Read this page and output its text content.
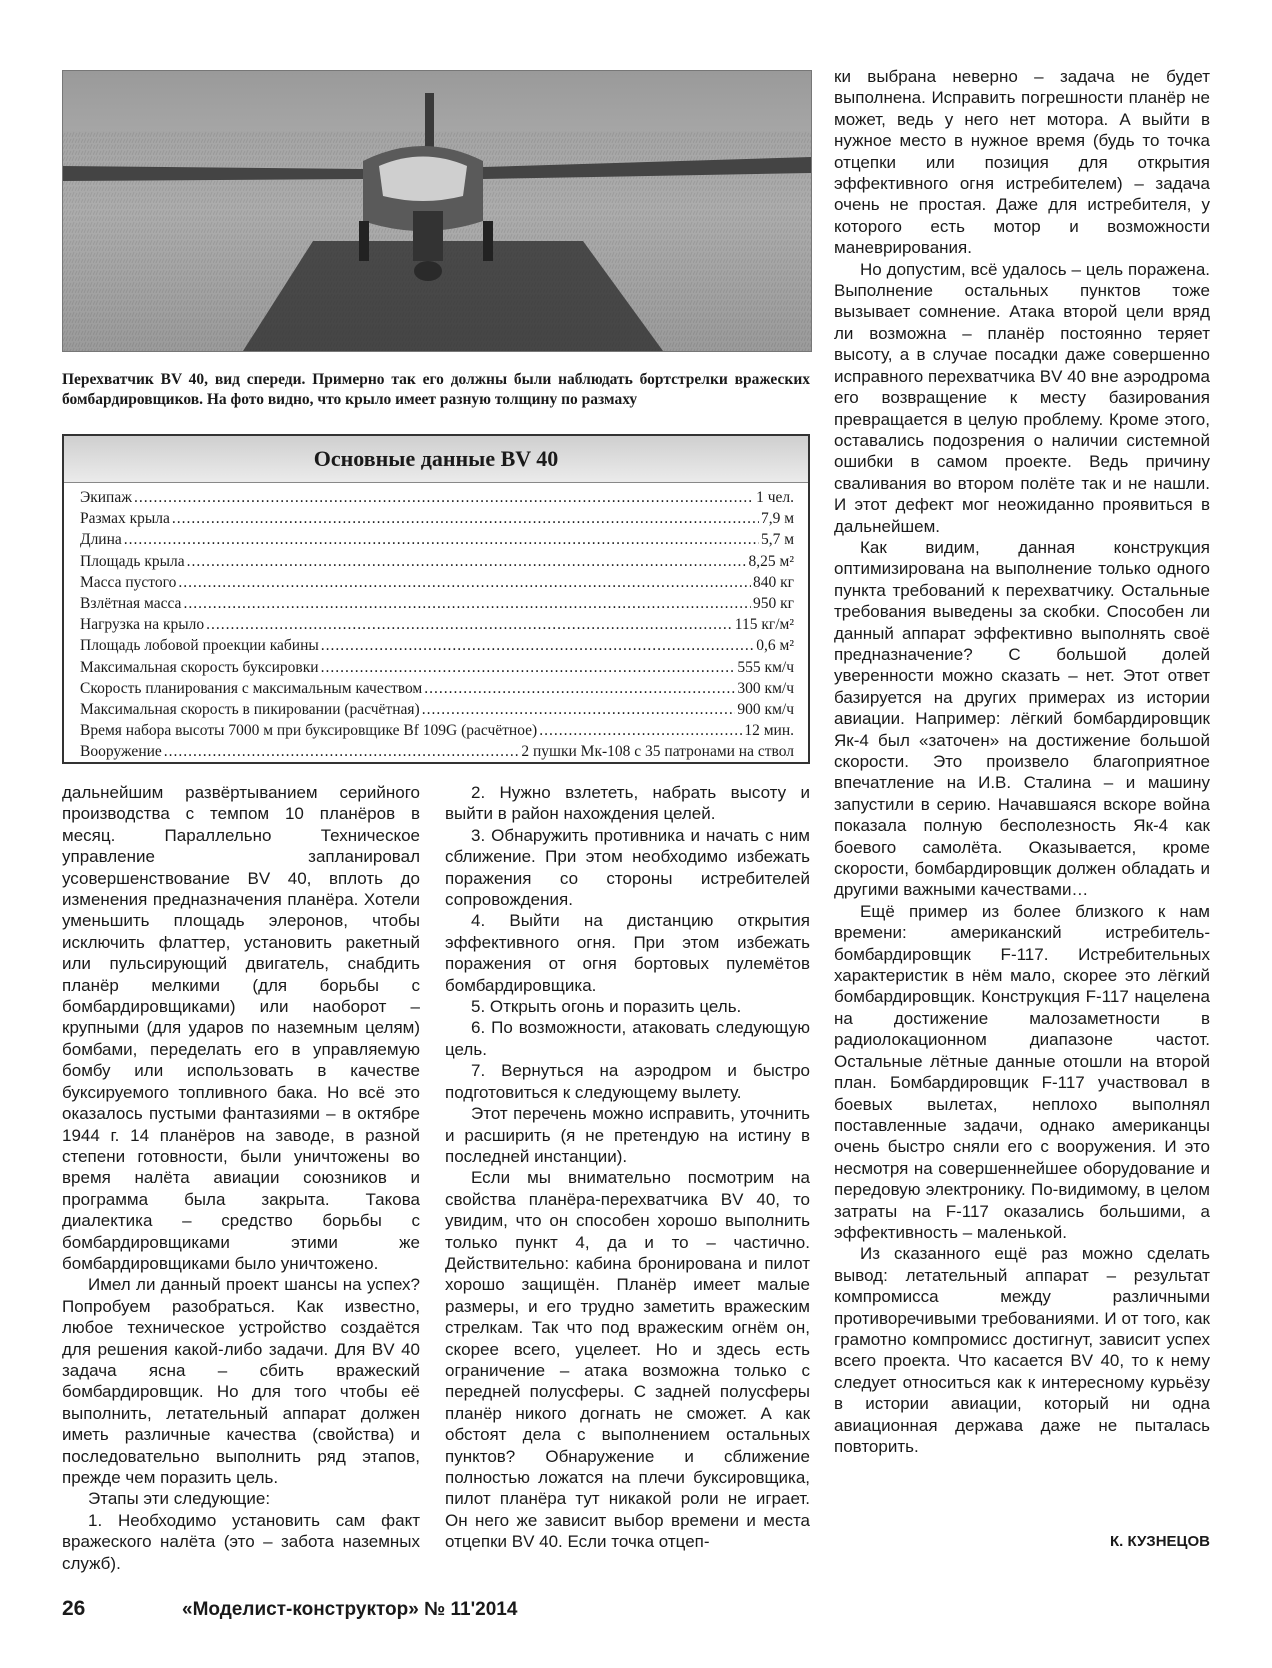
Перехватчик BV 40, вид спереди. Примерно так его должны были наблюдать бортстрелки вражеских бомбардировщиков. На фото видно, что крыло имеет разную толщину по размаху
Основные данные BV 40
Экипаж .....	1 чел.
Размах крыла .....	7,9 м
Длина .....	5,7 м
Площадь крыла .....	8,25 м²
Масса пустого .....	840 кг
Взлётная масса .....	950 кг
Нагрузка на крыло .....	115 кг/м²
Площадь лобовой проекции кабины .....	0,6 м²
Максимальная скорость буксировки .....	555 км/ч
Скорость планирования с максимальным качеством .....	300 км/ч
Максимальная скорость в пикировании (расчётная) .....	900 км/ч
Время набора высоты 7000 м при буксировщике Bf 109G (расчётное) .....	12 мин.
Вооружение .....	2 пушки Мк-108 с 35 патронами на ствол

дальнейшим развёртыванием серийного производства с темпом 10 планёров в месяц. Параллельно Техническое управление запланировал усовершенствование BV 40, вплоть до изменения предназначения планёра. Хотели уменьшить площадь элеронов, чтобы исключить флаттер, установить ракетный или пульсирующий двигатель, снабдить планёр мелкими (для борьбы с бомбардировщиками) или наоборот – крупными (для ударов по наземным целям) бомбами, переделать его в управляемую бомбу или использовать в качестве буксируемого топливного бака. Но всё это оказалось пустыми фантазиями – в октябре 1944 г. 14 планёров на заводе, в разной степени готовности, были уничтожены во время налёта авиации союзников и программа была закрыта. Такова диалектика – средство борьбы с бомбардировщиками этими же бомбардировщиками было уничтожено.

Имел ли данный проект шансы на успех? Попробуем разобраться. Как известно, любое техническое устройство создаётся для решения какой-либо задачи. Для BV 40 задача ясна – сбить вражеский бомбардировщик. Но для того чтобы её выполнить, летательный аппарат должен иметь различные качества (свойства) и последовательно выполнить ряд этапов, прежде чем поразить цель.

Этапы эти следующие:

1. Необходимо установить сам факт вражеского налёта (это – забота наземных служб).

2. Нужно взлететь, набрать высоту и выйти в район нахождения целей.

3. Обнаружить противника и начать с ним сближение. При этом необходимо избежать поражения со стороны истребителей сопровождения.

4. Выйти на дистанцию открытия эффективного огня. При этом избежать поражения от огня бортовых пулемётов бомбардировщика.

5. Открыть огонь и поразить цель.

6. По возможности, атаковать следующую цель.

7. Вернуться на аэродром и быстро подготовиться к следующему вылету.

Этот перечень можно исправить, уточнить и расширить (я не претендую на истину в последней инстанции).

Если мы внимательно посмотрим на свойства планёра-перехватчика BV 40, то увидим, что он способен хорошо выполнить только пункт 4, да и то – частично. Действительно: кабина бронирована и пилот хорошо защищён. Планёр имеет малые размеры, и его трудно заметить вражеским стрелкам. Так что под вражеским огнём он, скорее всего, уцелеет. Но и здесь есть ограничение – атака возможна только с передней полусферы. С задней полусферы планёр никого догнать не сможет. А как обстоят дела с выполнением остальных пунктов? Обнаружение и сближение полностью ложатся на плечи буксировщика, пилот планёра тут никакой роли не играет. Он него же зависит выбор времени и места отцепки BV 40. Если точка отцеп-

ки выбрана неверно – задача не будет выполнена. Исправить погрешности планёр не может, ведь у него нет мотора. А выйти в нужное место в нужное время (будь то точка отцепки или позиция для открытия эффективного огня истребителем) – задача очень не простая. Даже для истребителя, у которого есть мотор и возможности маневрирования.

Но допустим, всё удалось – цель поражена. Выполнение остальных пунктов тоже вызывает сомнение. Атака второй цели вряд ли возможна – планёр постоянно теряет высоту, а в случае посадки даже совершенно исправного перехватчика BV 40 вне аэродрома его возвращение к месту базирования превращается в целую проблему. Кроме этого, оставались подозрения о наличии системной ошибки в самом проекте. Ведь причину сваливания во втором полёте так и не нашли. И этот дефект мог неожиданно проявиться в дальнейшем.

Как видим, данная конструкция оптимизирована на выполнение только одного пункта требований к перехватчику. Остальные требования выведены за скобки. Способен ли данный аппарат эффективно выполнять своё предназначение? С большой долей уверенности можно сказать – нет. Этот ответ базируется на других примерах из истории авиации. Например: лёгкий бомбардировщик Як-4 был «заточен» на достижение большой скорости. Это произвело благоприятное впечатление на И.В. Сталина – и машину запустили в серию. Начавшаяся вскоре война показала полную бесполезность Як-4 как боевого самолёта. Оказывается, кроме скорости, бомбардировщик должен обладать и другими важными качествами…

Ещё пример из более близкого к нам времени: американский истребитель-бомбардировщик F-117. Истребительных характеристик в нём мало, скорее это лёгкий бомбардировщик. Конструкция F-117 нацелена на достижение малозаметности в радиолокационном диапазоне частот. Остальные лётные данные отошли на второй план. Бомбардировщик F-117 участвовал в боевых вылетах, неплохо выполнял поставленные задачи, однако американцы очень быстро сняли его с вооружения. И это несмотря на совершеннейшее оборудование и передовую электронику. По-видимому, в целом затраты на F-117 оказались большими, а эффективность – маленькой.

Из сказанного ещё раз можно сделать вывод: летательный аппарат – результат компромисса между различными противоречивыми требованиями. И от того, как грамотно компромисс достигнут, зависит успех всего проекта. Что касается BV 40, то к нему следует относиться как к интересному курьёзу в истории авиации, который ни одна авиационная держава даже не пыталась повторить.

К. КУЗНЕЦОВ
26	«Моделист-конструктор» № 11'2014
